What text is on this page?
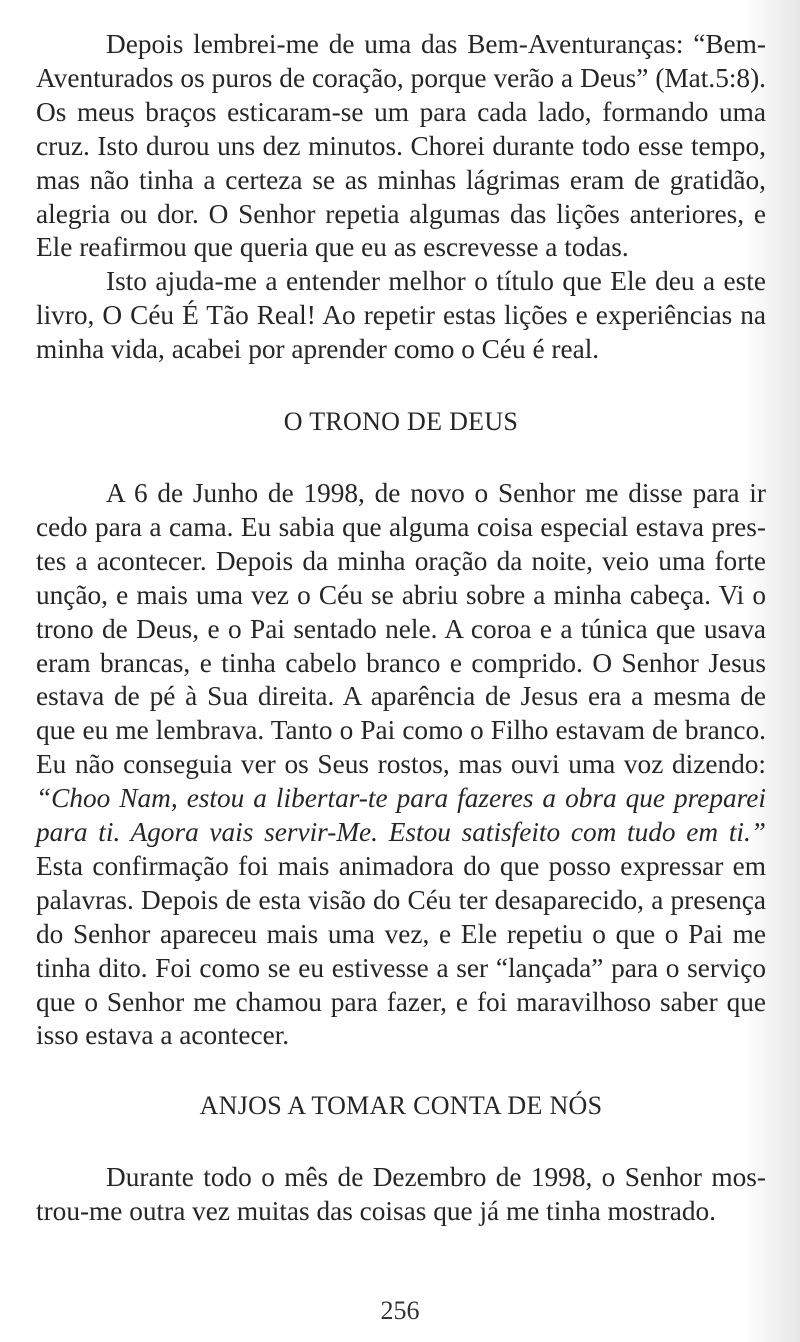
Depois lembrei-me de uma das Bem-Aventuranças: “Bem-Aventurados os puros de coração, porque verão a Deus” (Mat.5:8). Os meus braços esticaram-se um para cada lado, formando uma cruz. Isto durou uns dez minutos. Chorei durante todo esse tempo, mas não tinha a certeza se as minhas lágrimas eram de gratidão, alegria ou dor. O Senhor repetia algumas das lições anteriores, e Ele reafirmou que queria que eu as escrevesse a todas.

Isto ajuda-me a entender melhor o título que Ele deu a este livro, O Céu É Tão Real! Ao repetir estas lições e experiências na minha vida, acabei por aprender como o Céu é real.

O TRONO DE DEUS

A 6 de Junho de 1998, de novo o Senhor me disse para ir cedo para a cama. Eu sabia que alguma coisa especial estava prestes a acontecer. Depois da minha oração da noite, veio uma forte unção, e mais uma vez o Céu se abriu sobre a minha cabeça. Vi o trono de Deus, e o Pai sentado nele. A coroa e a túnica que usava eram brancas, e tinha cabelo branco e comprido. O Senhor Jesus estava de pé à Sua direita. A aparência de Jesus era a mesma de que eu me lembrava. Tanto o Pai como o Filho estavam de branco. Eu não conseguia ver os Seus rostos, mas ouvi uma voz dizendo: “Choo Nam, estou a libertar-te para fazeres a obra que preparei para ti. Agora vais servir-Me. Estou satisfeito com tudo em ti.” Esta confirmação foi mais animadora do que posso expressar em palavras. Depois de esta visão do Céu ter desaparecido, a presença do Senhor apareceu mais uma vez, e Ele repetiu o que o Pai me tinha dito. Foi como se eu estivesse a ser “lançada” para o serviço que o Senhor me chamou para fazer, e foi maravilhoso saber que isso estava a acontecer.

ANJOS A TOMAR CONTA DE NÓS

Durante todo o mês de Dezembro de 1998, o Senhor mostrou-me outra vez muitas das coisas que já me tinha mostrado.

256
